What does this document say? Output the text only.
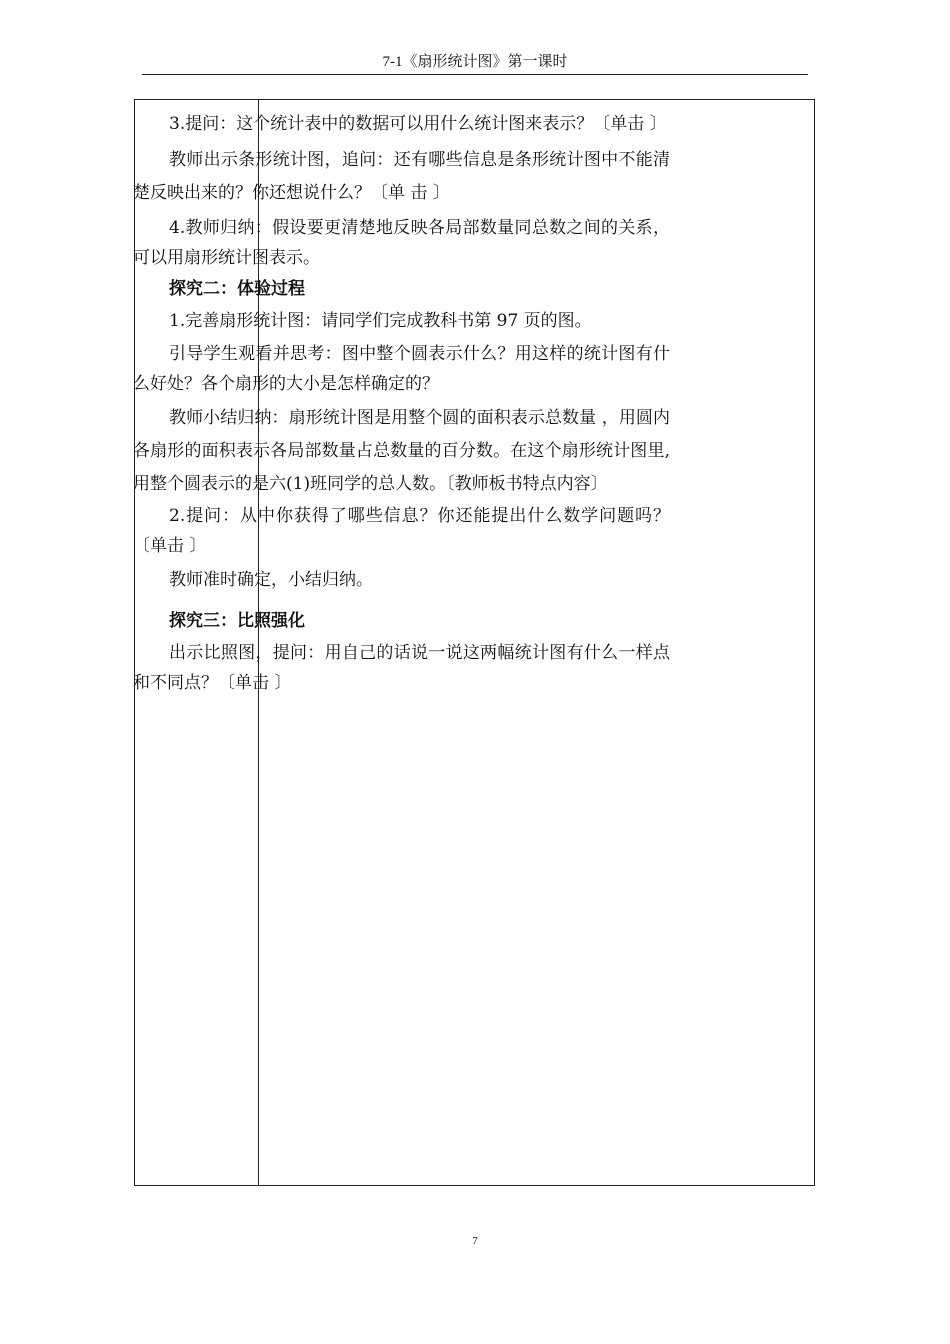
7-1《扇形统计图》第一课时

3.提问：这个统计表中的数据可以用什么统计图来表示？〔单击 〕

教师出示条形统计图，追问：还有哪些信息是条形统计图中不能清楚反映出来的？你还想说什么？〔单 击 〕

4.教师归纳：假设要更清楚地反映各局部数量同总数之间的关系，可以用扇形统计图表示。

探究二：体验过程

1.完善扇形统计图：请同学们完成教科书第 97 页的图。

引导学生观看并思考：图中整个圆表示什么？用这样的统计图有什么好处？各个扇形的大小是怎样确定的？

教师小结归纳：扇形统计图是用整个圆的面积表示总数量 ，用圆内各扇形的面积表示各局部数量占总数量的百分数。在这个扇形统计图里,用整个圆表示的是六(1)班同学的总人数。〔教师板书特点内容〕

2.提问：从中你获得了哪些信息？你还能提出什么数学问题吗？〔单击 〕

教师准时确定，小结归纳。

探究三：比照强化

出示比照图，提问：用自己的话说一说这两幅统计图有什么一样点和不同点？〔单击 〕

7
